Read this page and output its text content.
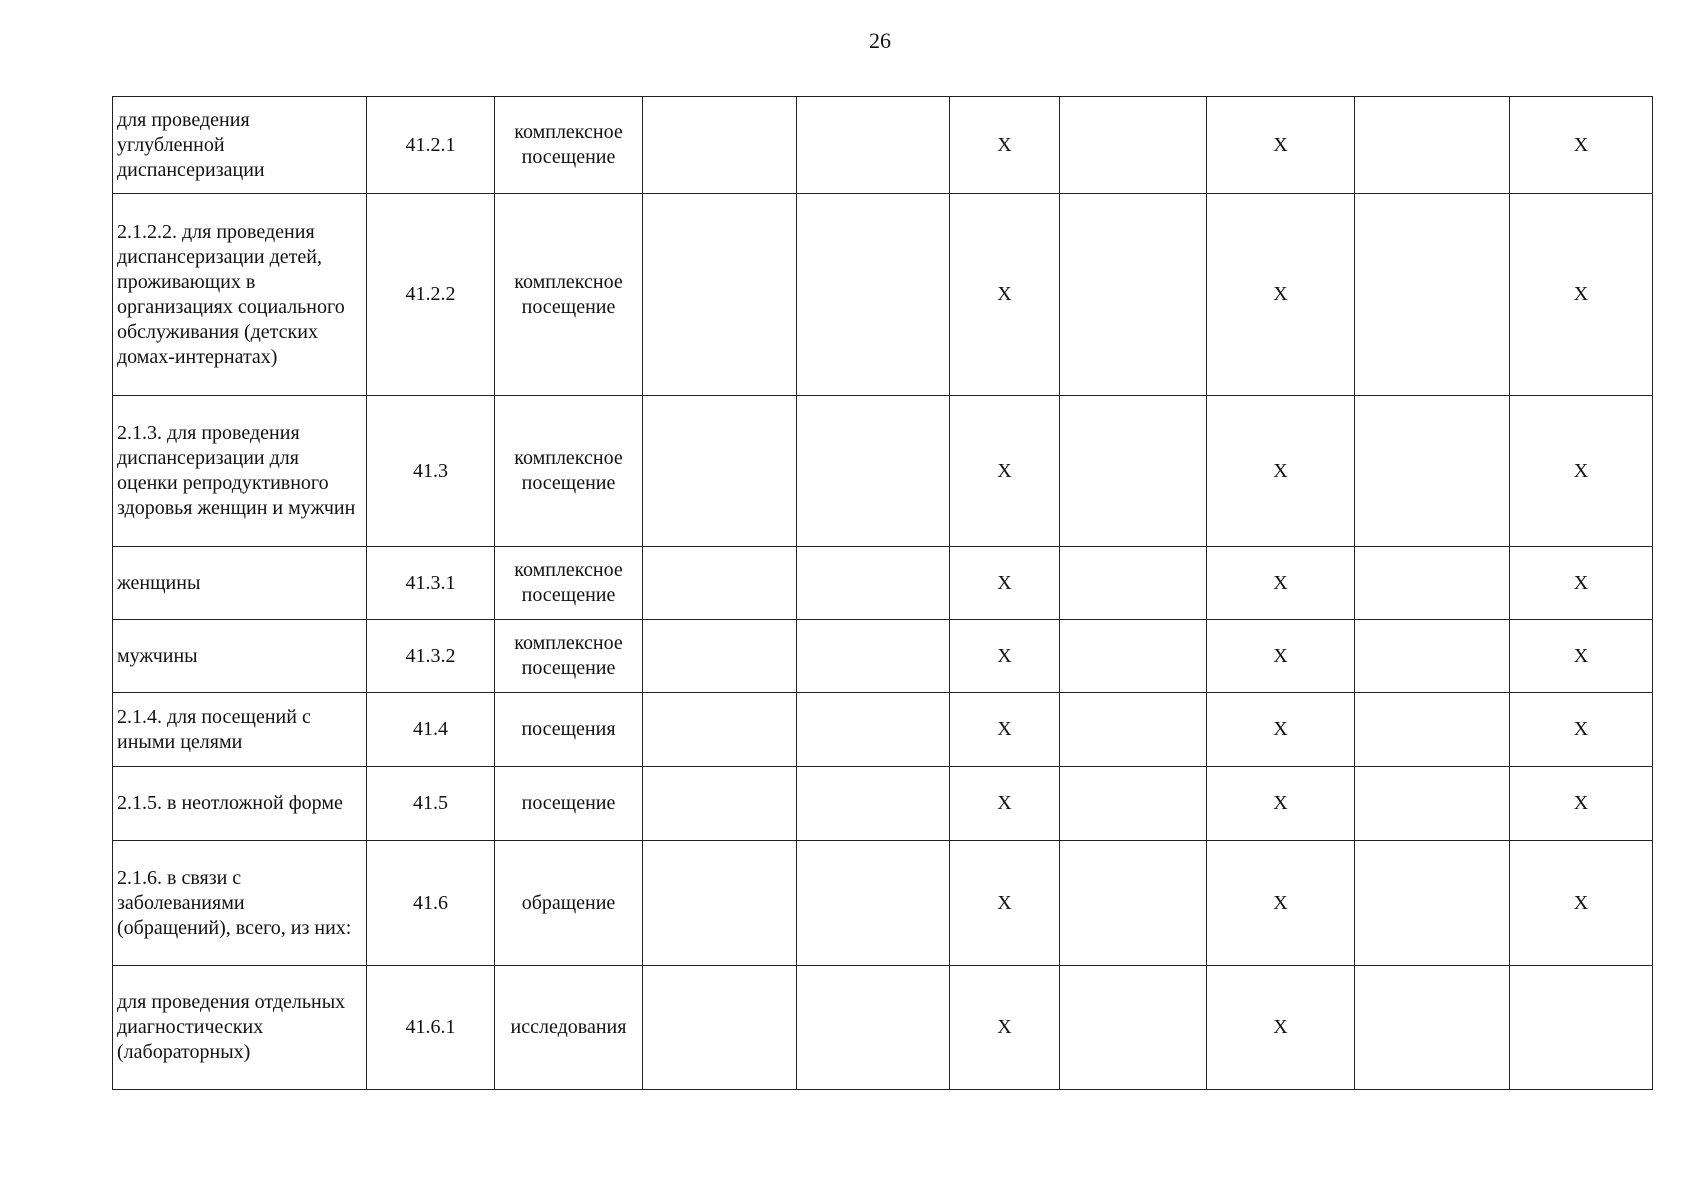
26
для проведения углубленной диспансеризации	41.2.1	комплексное посещение			X		X		X
2.1.2.2. для проведения диспансеризации детей, проживающих в организациях социального обслуживания (детских домах-интернатах)	41.2.2	комплексное посещение			X		X		X
2.1.3. для проведения диспансеризации для оценки репродуктивного здоровья женщин и мужчин	41.3	комплексное посещение			X		X		X
женщины	41.3.1	комплексное посещение			X		X		X
мужчины	41.3.2	комплексное посещение			X		X		X
2.1.4. для посещений с иными целями	41.4	посещения			X		X		X
2.1.5. в неотложной форме	41.5	посещение			X		X		X
2.1.6. в связи с заболеваниями (обращений), всего, из них:	41.6	обращение			X		X		X
для проведения отдельных диагностических (лабораторных)	41.6.1	исследования			X		X		
